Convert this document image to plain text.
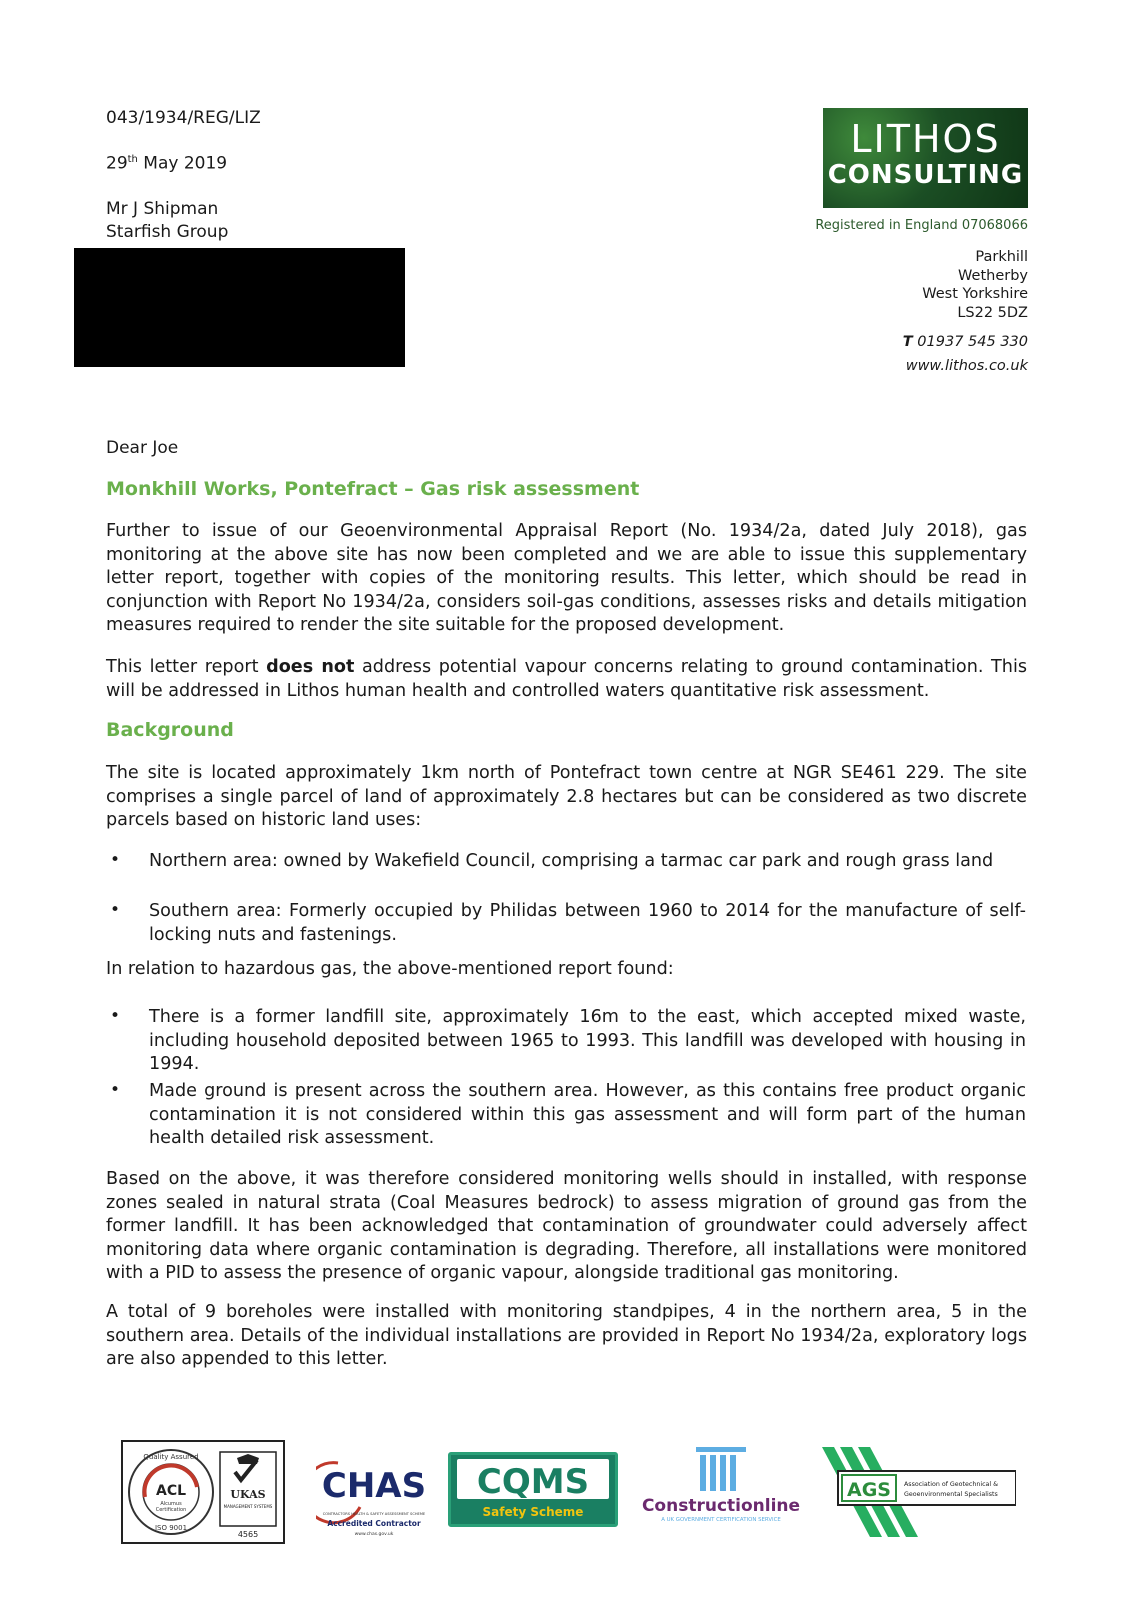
043/1934/REG/LIZ
29th May 2019
Mr J Shipman
Starfish Group
LITHOS
CONSULTING
Registered in England 07068066
Parkhill
Wetherby
West Yorkshire
LS22 5DZ
T 01937 545 330
www.lithos.co.uk
Dear Joe
Monkhill Works, Pontefract – Gas risk assessment
Further to issue of our Geoenvironmental Appraisal Report (No. 1934/2a, dated July 2018), gas monitoring at the above site has now been completed and we are able to issue this supplementary letter report, together with copies of the monitoring results. This letter, which should be read in conjunction with Report No 1934/2a, considers soil-gas conditions, assesses risks and details mitigation measures required to render the site suitable for the proposed development.
This letter report does not address potential vapour concerns relating to ground contamination. This will be addressed in Lithos human health and controlled waters quantitative risk assessment.
Background
The site is located approximately 1km north of Pontefract town centre at NGR SE461 229. The site comprises a single parcel of land of approximately 2.8 hectares but can be considered as two discrete parcels based on historic land uses:
• Northern area: owned by Wakefield Council, comprising a tarmac car park and rough grass land
• Southern area: Formerly occupied by Philidas between 1960 to 2014 for the manufacture of self-locking nuts and fastenings.
In relation to hazardous gas, the above-mentioned report found:
• There is a former landfill site, approximately 16m to the east, which accepted mixed waste, including household deposited between 1965 to 1993. This landfill was developed with housing in 1994.
• Made ground is present across the southern area. However, as this contains free product organic contamination it is not considered within this gas assessment and will form part of the human health detailed risk assessment.
Based on the above, it was therefore considered monitoring wells should in installed, with response zones sealed in natural strata (Coal Measures bedrock) to assess migration of ground gas from the former landfill. It has been acknowledged that contamination of groundwater could adversely affect monitoring data where organic contamination is degrading. Therefore, all installations were monitored with a PID to assess the presence of organic vapour, alongside traditional gas monitoring.
A total of 9 boreholes were installed with monitoring standpipes, 4 in the northern area, 5 in the southern area. Details of the individual installations are provided in Report No 1934/2a, exploratory logs are also appended to this letter.
ACL
Alcumus
Certification
Quality Assured
ISO 9001
UKAS
MANAGEMENT SYSTEMS
4565
CHAS
CONTRACTORS HEALTH & SAFETY ASSESSMENT SCHEME
Accredited Contractor
www.chas.gov.uk
CQMS
Safety Scheme	Constructionline
A UK GOVERNMENT CERTIFICATION SERVICE
AGS Association of Geotechnical &
Geoenvironmental Specialists
